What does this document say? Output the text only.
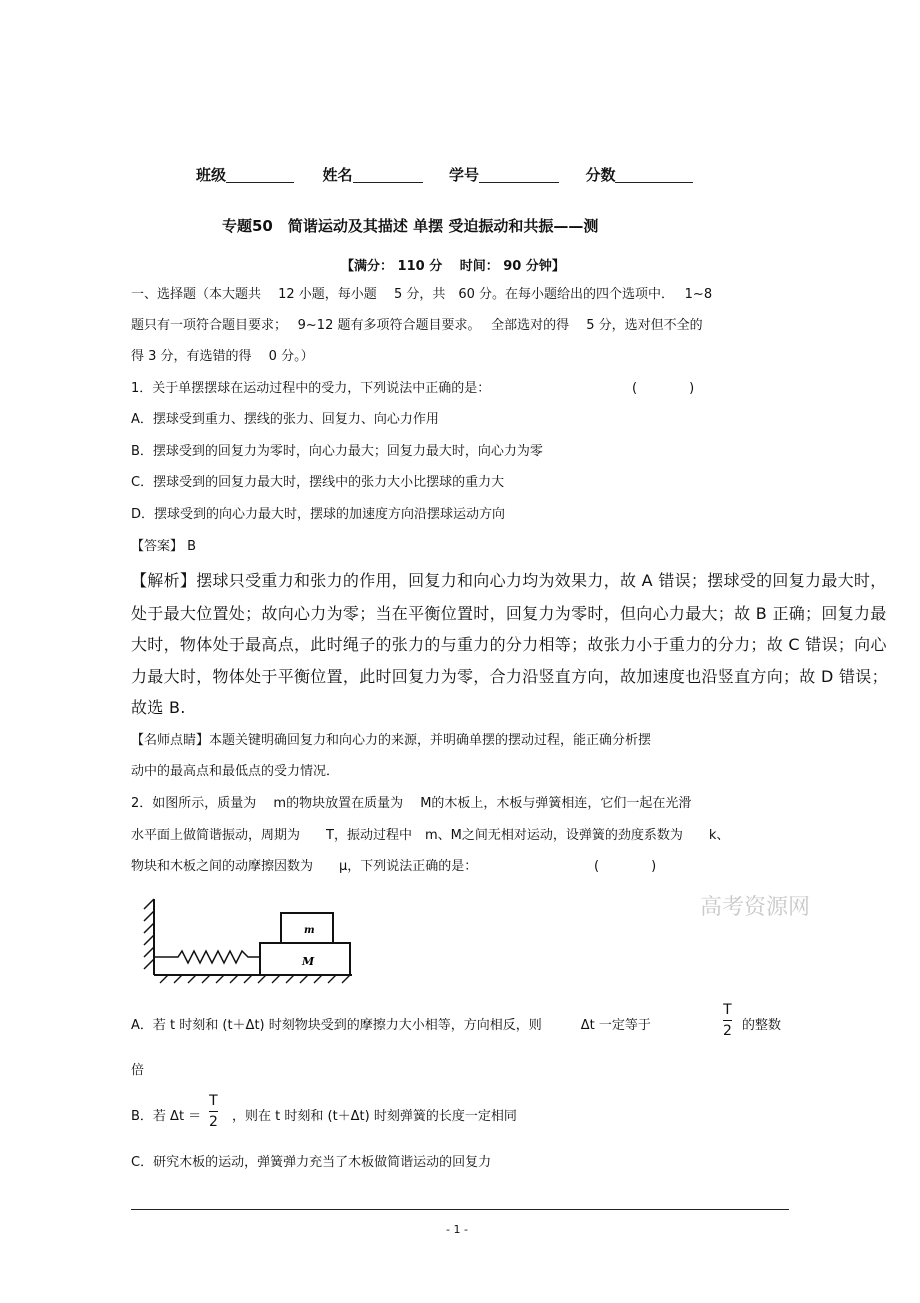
班级	姓名	学号	分数
专题50　简谐运动及其描述 单摆 受迫振动和共振——测
【满分： 110 分　 时间： 90 分钟】
一、选择题（本大题共　 12 小题，每小题　 5 分，共　60 分。在每小题给出的四个选项中．　 1~8
题只有一项符合题目要求；　 9~12 题有多项符合题目要求。　 全部选对的得　 5 分，选对但不全的
得 3 分，有选错的得　 0 分。）
1．关于单摆摆球在运动过程中的受力，下列说法中正确的是：	(　　　　)
A．摆球受到重力、摆线的张力、回复力、向心力作用
B．摆球受到的回复力为零时，向心力最大；回复力最大时，向心力为零
C．摆球受到的回复力最大时，摆线中的张力大小比摆球的重力大
D．摆球受到的向心力最大时，摆球的加速度方向沿摆球运动方向
【答案】 B
【解析】摆球只受重力和张力的作用，回复力和向心力均为效果力，故 A 错误；摆球受的回复力最大时，
处于最大位置处；故向心力为零；当在平衡位置时，回复力为零时，但向心力最大；故 B 正确；回复力最
大时，物体处于最高点，此时绳子的张力的与重力的分力相等；故张力小于重力的分力；故 C 错误；向心
力最大时，物体处于平衡位置，此时回复力为零，合力沿竖直方向，故加速度也沿竖直方向；故 D 错误；
故选 B.
【名师点睛】本题关键明确回复力和向心力的来源，并明确单摆的摆动过程，能正确分析摆
动中的最高点和最低点的受力情况．
2．如图所示，质量为　 m的物块放置在质量为　 M的木板上，木板与弹簧相连，它们一起在光滑
水平面上做简谐振动，周期为　　T，振动过程中　m、M之间无相对运动，设弹簧的劲度系数为　　k、
物块和木板之间的动摩擦因数为　　μ，下列说法正确的是：	(　　　　)
高考资源网
M
m
A．若 t 时刻和 (t＋Δt) 时刻物块受到的摩擦力大小相等，方向相反，则　　　Δt 一定等于	$\frac{T}{2}$ 的整数
倍
B．若 $\Delta t = \frac{T}{2}$ ，则在 t 时刻和 (t＋Δt) 时刻弹簧的长度一定相同
C．研究木板的运动，弹簧弹力充当了木板做简谐运动的回复力
- 1 -
